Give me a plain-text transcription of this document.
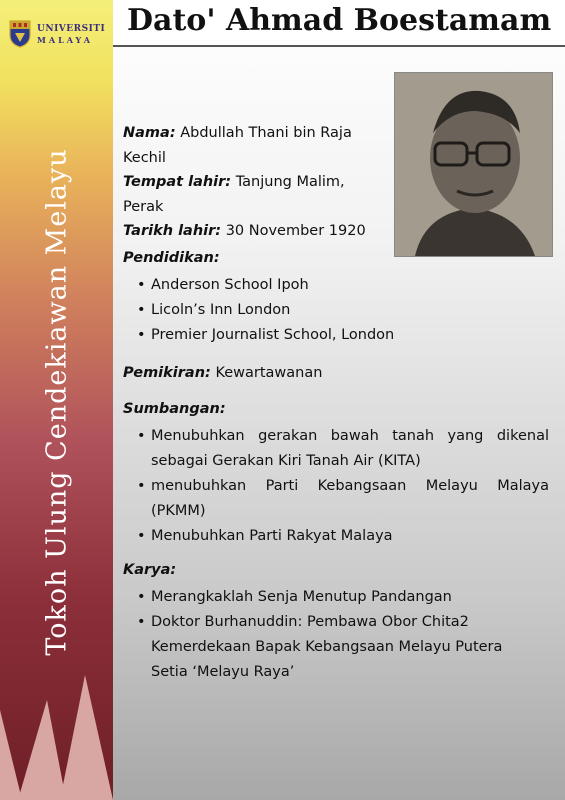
UNIVERSITI
MALAYA
Tokoh Ulung Cendekiawan Melayu
Dato' Ahmad Boestamam
Nama: Abdullah Thani bin Raja Kechil
Tempat lahir: Tanjung Malim, Perak
Tarikh lahir: 30 November 1920
Pendidikan:
• Anderson School Ipoh
• Licoln’s Inn London
• Premier Journalist School, London
Pemikiran: Kewartawanan
Sumbangan:
• Menubuhkan gerakan bawah tanah yang dikenal sebagai Gerakan Kiri Tanah Air (KITA)
• menubuhkan Parti Kebangsaan Melayu Malaya (PKMM)
• Menubuhkan Parti Rakyat Malaya
Karya:
• Merangkaklah Senja Menutup Pandangan
• Doktor Burhanuddin: Pembawa Obor Chita2 Kemerdekaan Bapak Kebangsaan Melayu Putera Setia ‘Melayu Raya’
